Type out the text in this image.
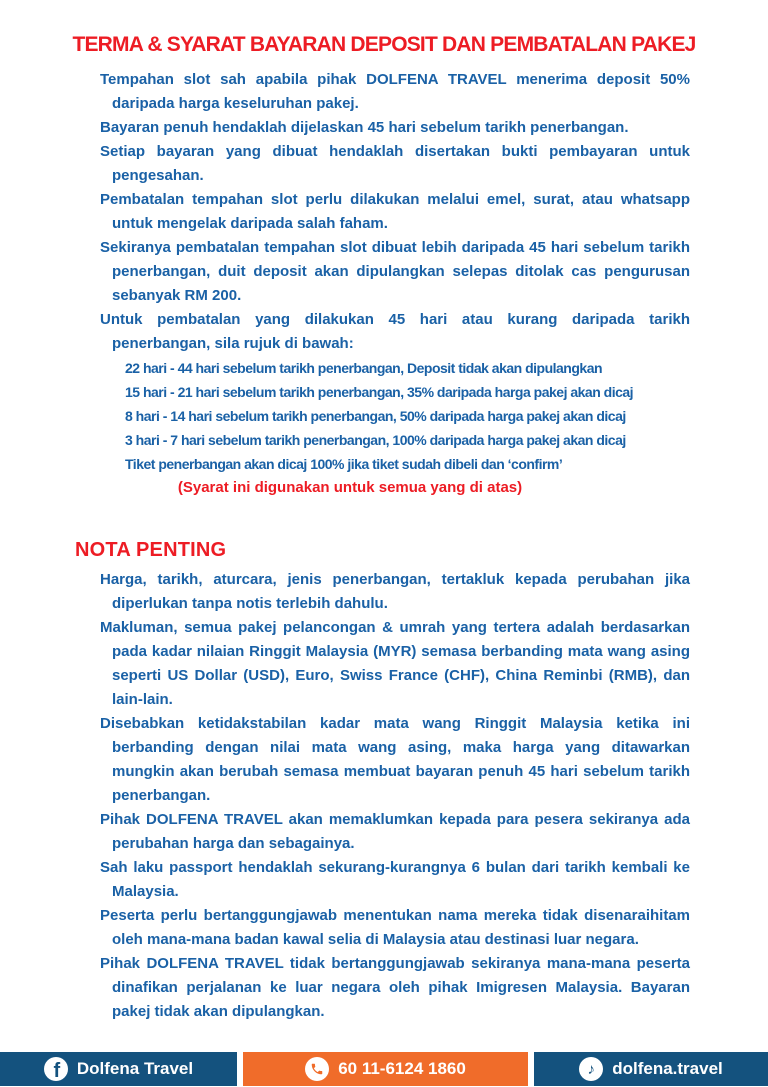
TERMA & SYARAT BAYARAN DEPOSIT DAN PEMBATALAN PAKEJ

Tempahan slot sah apabila pihak DOLFENA TRAVEL menerima deposit 50% daripada harga keseluruhan pakej.

Bayaran penuh hendaklah dijelaskan 45 hari sebelum tarikh penerbangan.

Setiap bayaran yang dibuat hendaklah disertakan bukti pembayaran untuk pengesahan.

Pembatalan tempahan slot perlu dilakukan melalui emel, surat, atau whatsapp untuk mengelak daripada salah faham.

Sekiranya pembatalan tempahan slot dibuat lebih daripada 45 hari sebelum tarikh penerbangan, duit deposit akan dipulangkan selepas ditolak cas pengurusan sebanyak RM 200.

Untuk pembatalan yang dilakukan 45 hari atau kurang daripada tarikh penerbangan, sila rujuk di bawah:

22 hari - 44 hari sebelum tarikh penerbangan, Deposit tidak akan dipulangkan

15 hari - 21 hari sebelum tarikh penerbangan, 35% daripada harga pakej akan dicaj

8 hari - 14 hari sebelum tarikh penerbangan, 50% daripada harga pakej akan dicaj

3 hari - 7 hari sebelum tarikh penerbangan, 100% daripada harga pakej akan dicaj

Tiket penerbangan akan dicaj 100% jika tiket sudah dibeli dan ‘confirm’

(Syarat ini digunakan untuk semua yang di atas)

NOTA PENTING

Harga, tarikh, aturcara, jenis penerbangan, tertakluk kepada perubahan jika diperlukan tanpa notis terlebih dahulu.

Makluman, semua pakej pelancongan & umrah yang tertera adalah berdasarkan pada kadar nilaian Ringgit Malaysia (MYR) semasa berbanding mata wang asing seperti US Dollar (USD), Euro, Swiss France (CHF), China Reminbi (RMB), dan lain-lain.

Disebabkan ketidakstabilan kadar mata wang Ringgit Malaysia ketika ini berbanding dengan nilai mata wang asing, maka harga yang ditawarkan mungkin akan berubah semasa membuat bayaran penuh 45 hari sebelum tarikh penerbangan.

Pihak DOLFENA TRAVEL akan memaklumkan kepada para pesera sekiranya ada perubahan harga dan sebagainya.

Sah laku passport hendaklah sekurang-kurangnya 6 bulan dari tarikh kembali ke Malaysia.

Peserta perlu bertanggungjawab menentukan nama mereka tidak disenaraihitam oleh mana-mana badan kawal selia di Malaysia atau destinasi luar negara.

Pihak DOLFENA TRAVEL tidak bertanggungjawab sekiranya mana-mana peserta dinafikan perjalanan ke luar negara oleh pihak Imigresen Malaysia. Bayaran pakej tidak akan dipulangkan.

f Dolfena Travel	60 11-6124 1860	♪ dolfena.travel
